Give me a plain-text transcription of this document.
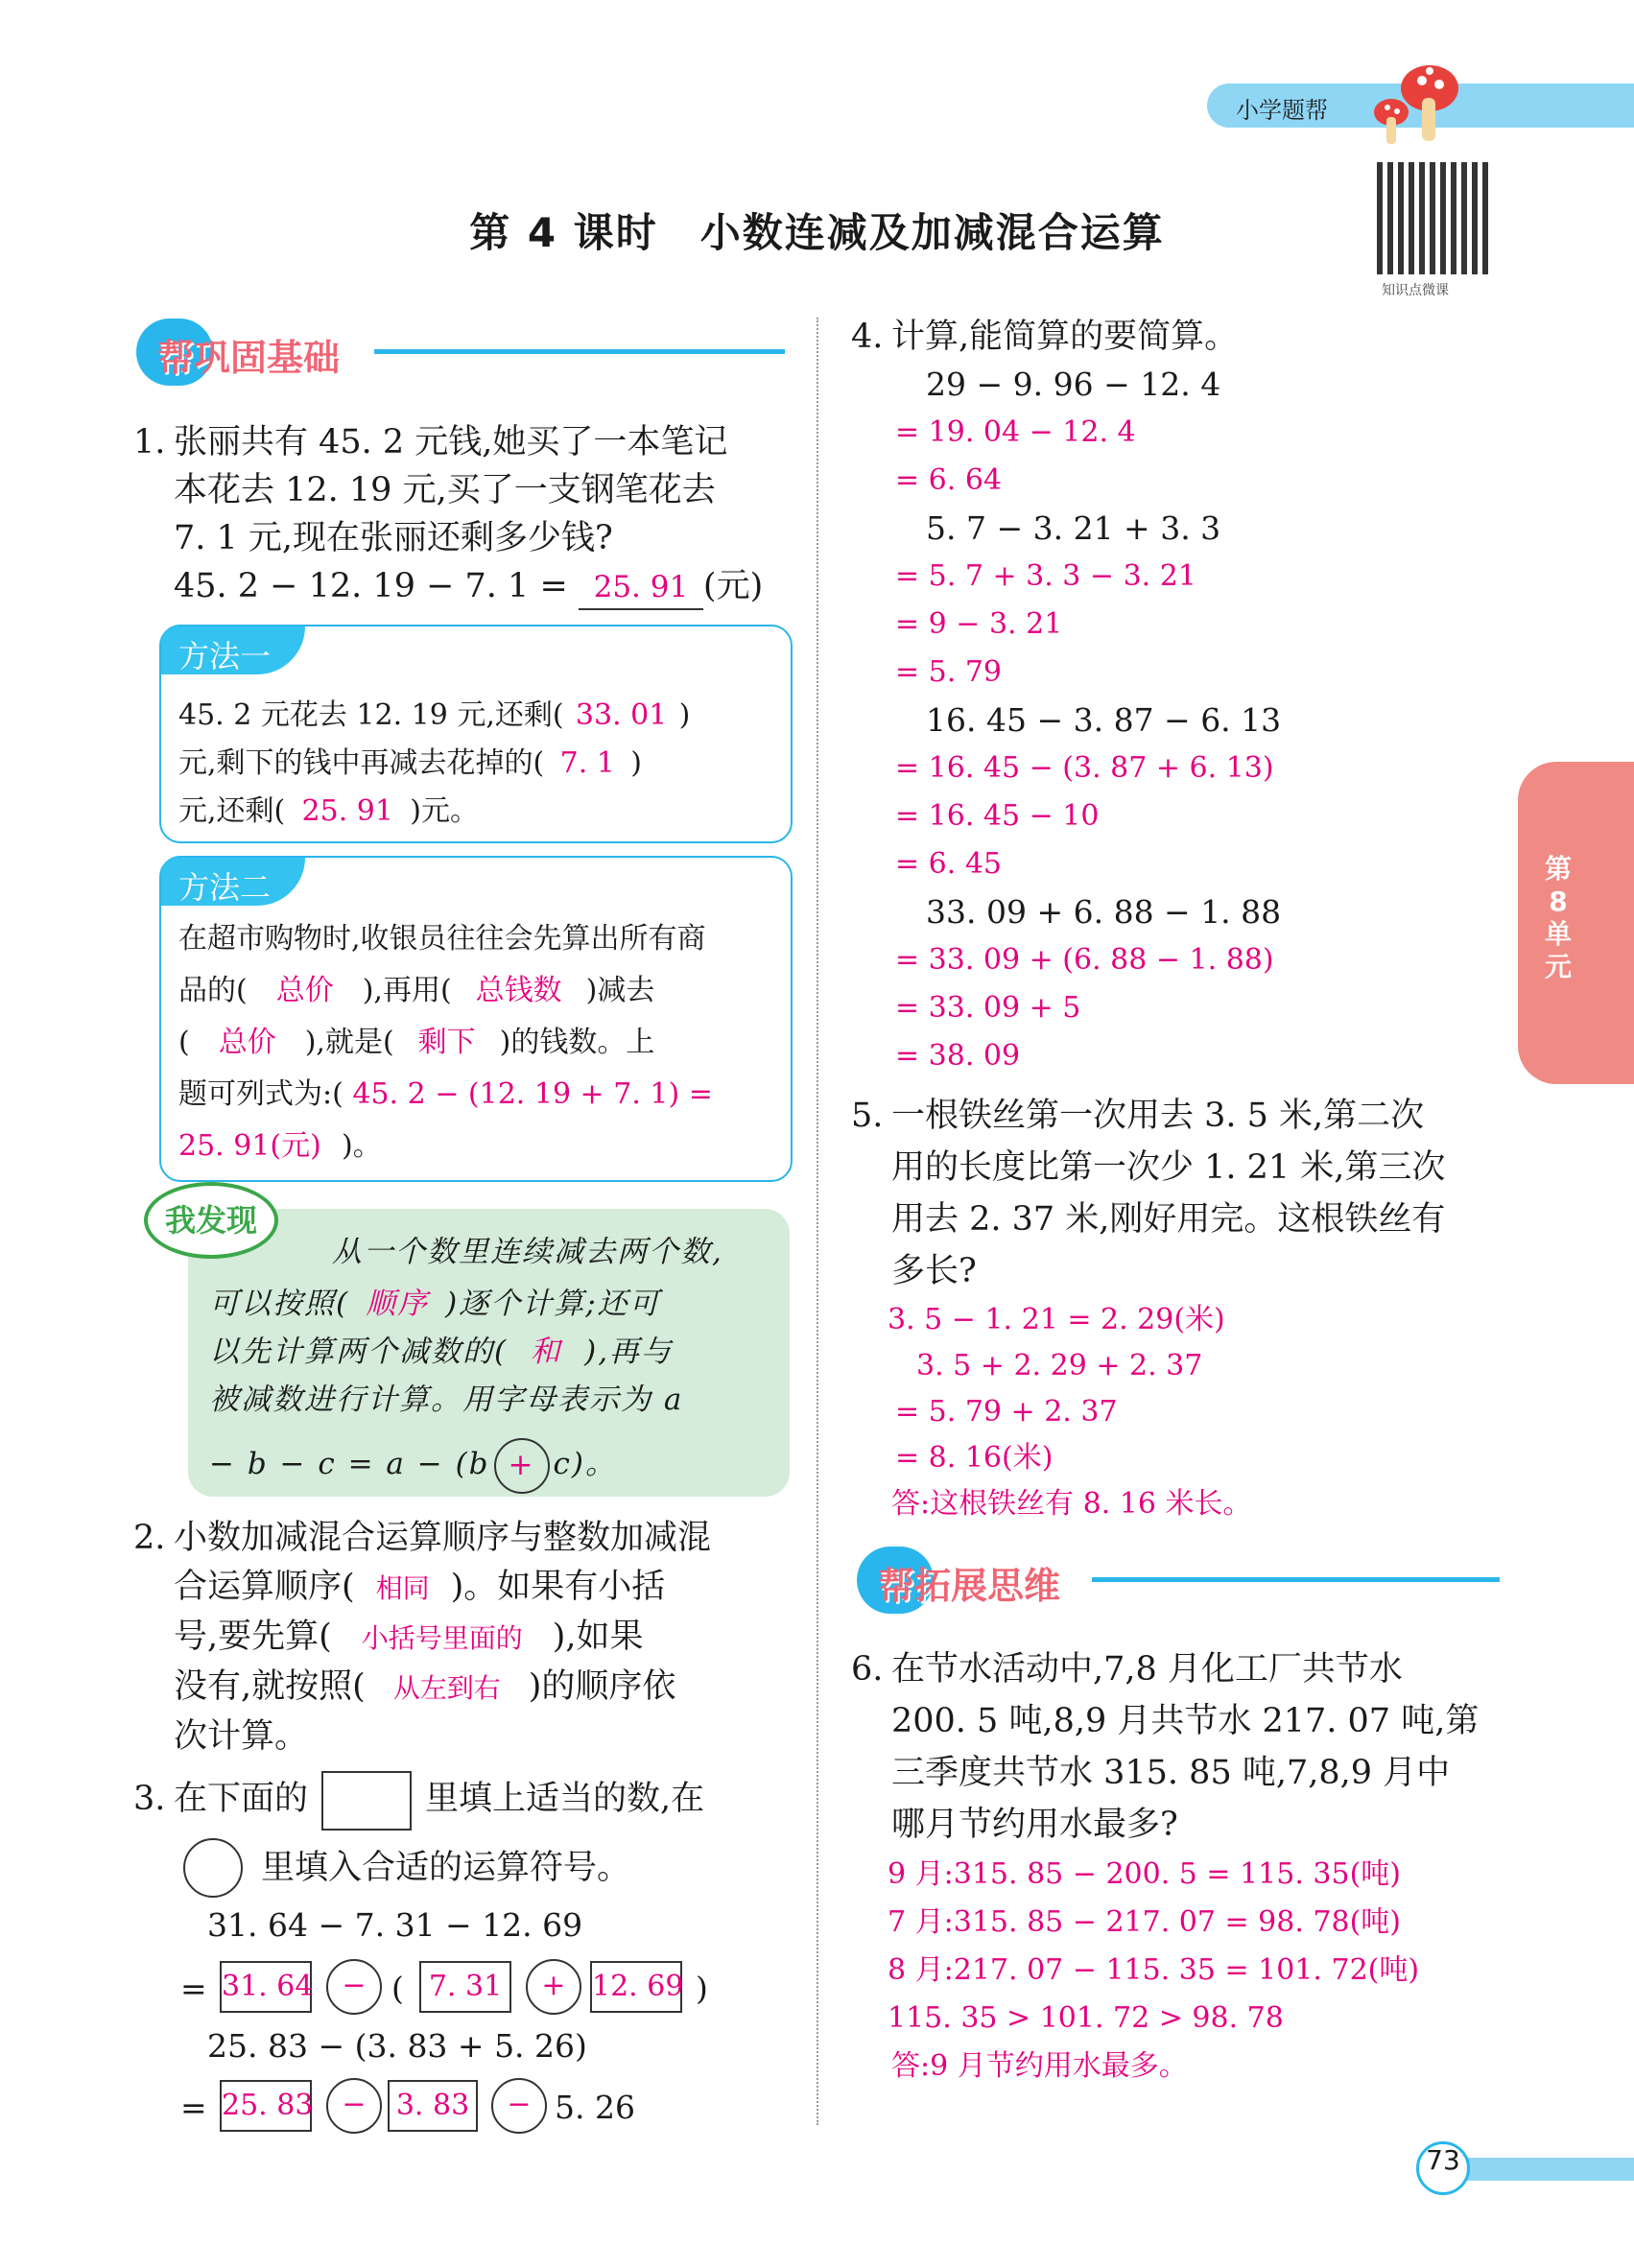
小学题帮
第 4 课时　小数连减及加减混合运算
知识点微课
帮巩固基础
1. 张丽共有 45. 2 元钱,她买了一本笔记
本花去 12. 19 元,买了一支钢笔花去
7. 1 元,现在张丽还剩多少钱?
45. 2 − 12. 19 − 7. 1 = 25. 91 (元)
方法一
45. 2 元花去 12. 19 元,还剩( 33. 01 )
元,剩下的钱中再减去花掉的( 7. 1 )
元,还剩( 25. 91 )元。
方法二
在超市购物时,收银员往往会先算出所有商
品的( 总价 ),再用( 总钱数 )减去
( 总价 ),就是( 剩下 )的钱数。上
题可列式为:( 45. 2 − (12. 19 + 7. 1) =
25. 91(元) )。
从一个数里连续减去两个数,
可以按照( 顺序 )逐个计算;还可
以先计算两个减数的( 和 ),再与
被减数进行计算。用字母表示为 a
− b − c = a − (b + c)。
我发现
2. 小数加减混合运算顺序与整数加减混
合运算顺序( 相同 )。如果有小括
号,要先算( 小括号里面的 ),如果
没有,就按照( 从左到右 )的顺序依
次计算。
3. 在下面的	里填上适当的数,在
里填入合适的运算符号。
31. 64 − 7. 31 − 12. 69
= 31. 64	− ( 7. 31	+ 12. 69 )
25. 83 − (3. 83 + 5. 26)
= 25. 83	−	3. 83	− 5. 26
4. 计算,能简算的要简算。
29 − 9. 96 − 12. 4
= 19. 04 − 12. 4
= 6. 64
5. 7 − 3. 21 + 3. 3
= 5. 7 + 3. 3 − 3. 21
= 9 − 3. 21
= 5. 79
16. 45 − 3. 87 − 6. 13
= 16. 45 − (3. 87 + 6. 13)
= 16. 45 − 10
= 6. 45
33. 09 + 6. 88 − 1. 88
= 33. 09 + (6. 88 − 1. 88)
= 33. 09 + 5
= 38. 09
5. 一根铁丝第一次用去 3. 5 米,第二次
用的长度比第一次少 1. 21 米,第三次
用去 2. 37 米,刚好用完。这根铁丝有
多长?
3. 5 − 1. 21 = 2. 29(米)
　3. 5 + 2. 29 + 2. 37
= 5. 79 + 2. 37
= 8. 16(米)
答:这根铁丝有 8. 16 米长。
帮拓展思维
6. 在节水活动中,7,8 月化工厂共节水
200. 5 吨,8,9 月共节水 217. 07 吨,第
三季度共节水 315. 85 吨,7,8,9 月中
哪月节约用水最多?
9 月:315. 85 − 200. 5 = 115. 35(吨)
7 月:315. 85 − 217. 07 = 98. 78(吨)
8 月:217. 07 − 115. 35 = 101. 72(吨)
115. 35 > 101. 72 > 98. 78
答:9 月节约用水最多。
第8单元
73
